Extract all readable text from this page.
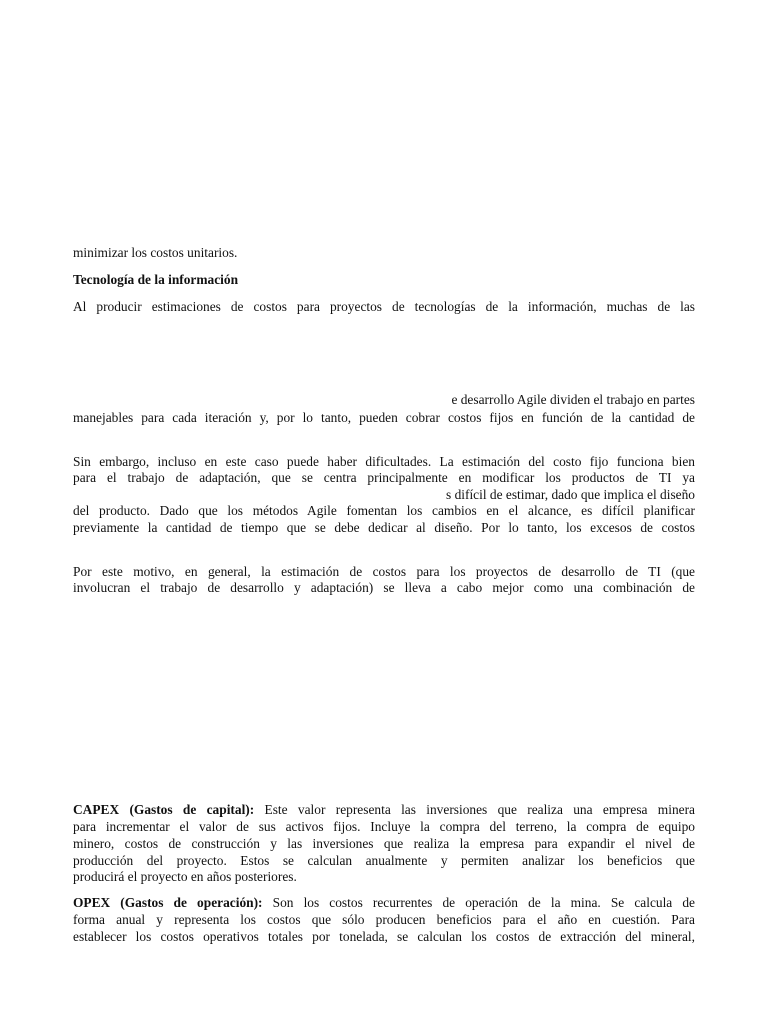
minimizar los costos unitarios.
Tecnología de la información
Al producir estimaciones de costos para proyectos de tecnologías de la información, muchas de las
e desarrollo Agile dividen el trabajo en partes
manejables para cada iteración y, por lo tanto, pueden cobrar costos fijos en función de la cantidad de
Sin embargo, incluso en este caso puede haber dificultades. La estimación del costo fijo funciona bien
para el trabajo de adaptación, que se centra principalmente en modificar los productos de TI ya
s difícil de estimar, dado que implica el diseño
del producto. Dado que los métodos Agile fomentan los cambios en el alcance, es difícil planificar
previamente la cantidad de tiempo que se debe dedicar al diseño. Por lo tanto, los excesos de costos
Por este motivo, en general, la estimación de costos para los proyectos de desarrollo de TI (que
involucran el trabajo de desarrollo y adaptación) se lleva a cabo mejor como una combinación de
CAPEX (Gastos de capital): Este valor representa las inversiones que realiza una empresa minera
para incrementar el valor de sus activos fijos. Incluye la compra del terreno, la compra de equipo
minero, costos de construcción y las inversiones que realiza la empresa para expandir el nivel de
producción del proyecto. Estos se calculan anualmente y permiten analizar los beneficios que
producirá el proyecto en años posteriores.
OPEX (Gastos de operación): Son los costos recurrentes de operación de la mina. Se calcula de
forma anual y representa los costos que sólo producen beneficios para el año en cuestión. Para
establecer los costos operativos totales por tonelada, se calculan los costos de extracción del mineral,
